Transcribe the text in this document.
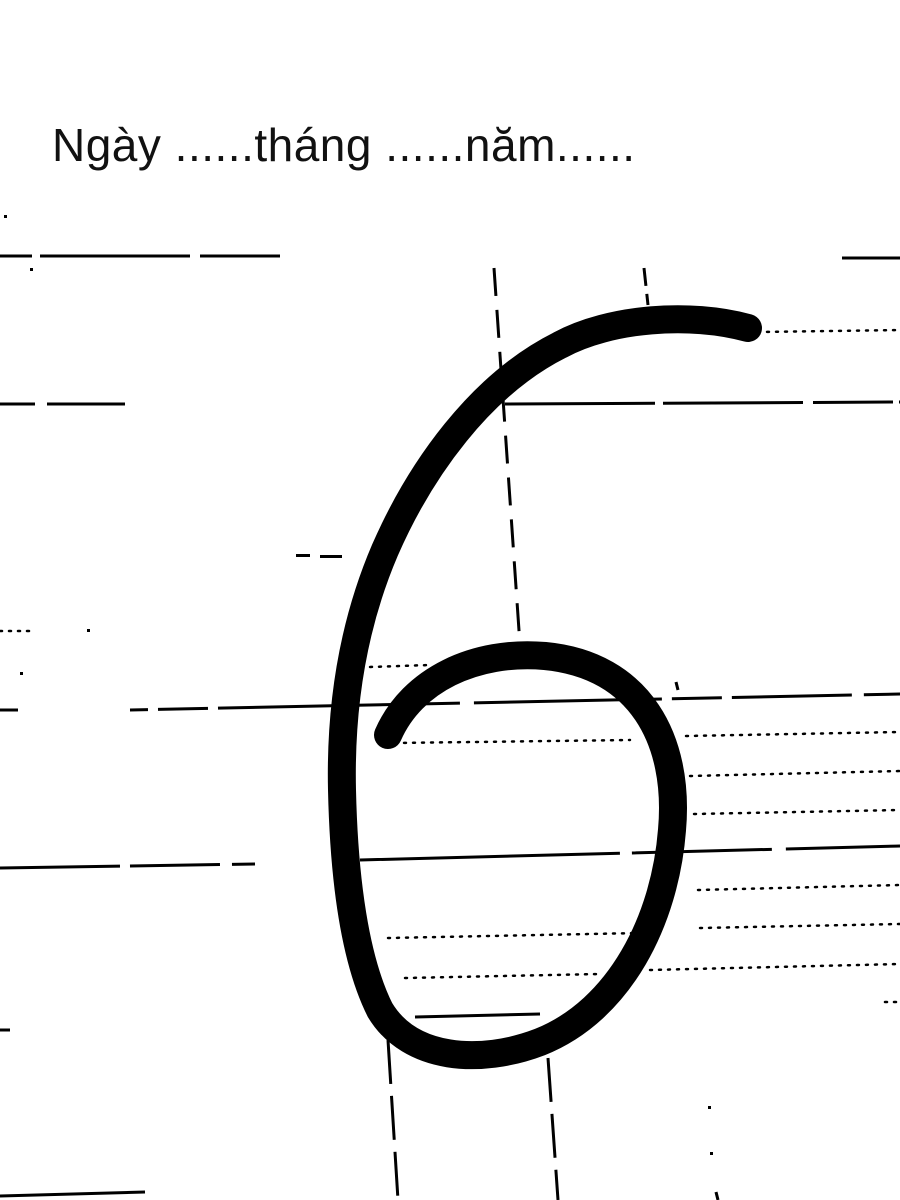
Ngày ......tháng ......năm......
